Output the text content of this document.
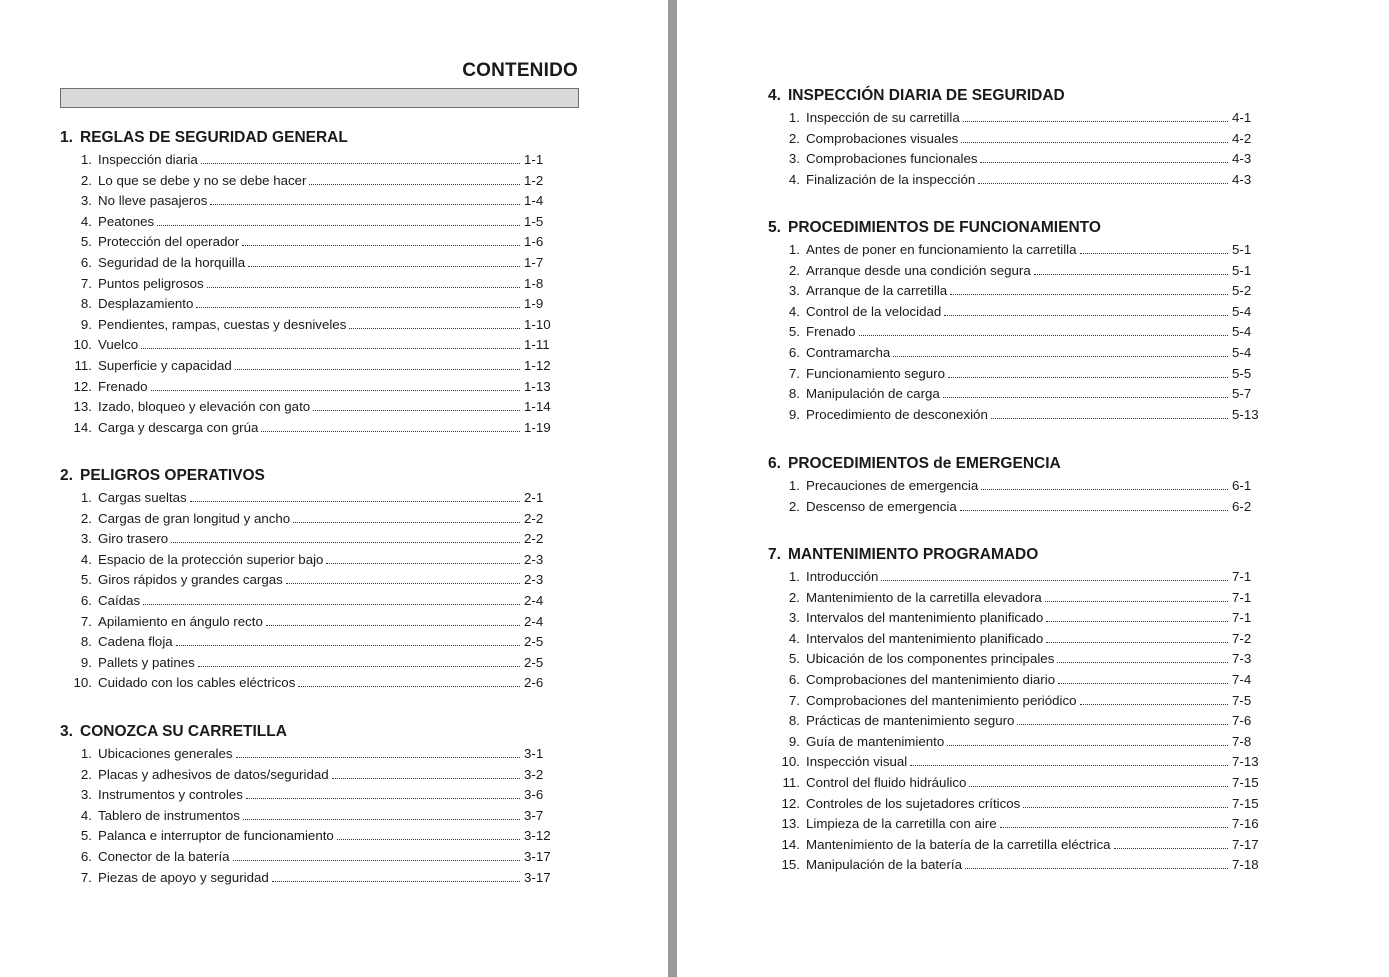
CONTENIDO
1. REGLAS DE SEGURIDAD GENERAL
1. Inspección diaria	1-1
2. Lo que se debe y no se debe hacer	1-2
3. No lleve pasajeros	1-4
4. Peatones	1-5
5. Protección del operador	1-6
6. Seguridad de la horquilla	1-7
7. Puntos peligrosos	1-8
8. Desplazamiento	1-9
9. Pendientes, rampas, cuestas y desniveles	1-10
10. Vuelco	1-11
11. Superficie y capacidad	1-12
12. Frenado	1-13
13. Izado, bloqueo y elevación con gato	1-14
14. Carga y descarga con grúa	1-19
2. PELIGROS OPERATIVOS
1. Cargas sueltas	2-1
2. Cargas de gran longitud y ancho	2-2
3. Giro trasero	2-2
4. Espacio de la protección superior bajo	2-3
5. Giros rápidos y grandes cargas	2-3
6. Caídas	2-4
7. Apilamiento en ángulo recto	2-4
8. Cadena floja	2-5
9. Pallets y patines	2-5
10. Cuidado con los cables eléctricos	2-6
3. CONOZCA SU CARRETILLA
1. Ubicaciones generales	3-1
2. Placas y adhesivos de datos/seguridad	3-2
3. Instrumentos y controles	3-6
4. Tablero de instrumentos	3-7
5. Palanca e interruptor de funcionamiento	3-12
6. Conector de la batería	3-17
7. Piezas de apoyo y seguridad	3-17
4. INSPECCIÓN DIARIA DE SEGURIDAD
1. Inspección de su carretilla	4-1
2. Comprobaciones visuales	4-2
3. Comprobaciones funcionales	4-3
4. Finalización de la inspección	4-3
5. PROCEDIMIENTOS DE FUNCIONAMIENTO
1. Antes de poner en funcionamiento la carretilla	5-1
2. Arranque desde una condición segura	5-1
3. Arranque de la carretilla	5-2
4. Control de la velocidad	5-4
5. Frenado	5-4
6. Contramarcha	5-4
7. Funcionamiento seguro	5-5
8. Manipulación de carga	5-7
9. Procedimiento de desconexión	5-13
6. PROCEDIMIENTOS de EMERGENCIA
1. Precauciones de emergencia	6-1
2. Descenso de emergencia	6-2
7. MANTENIMIENTO PROGRAMADO
1. Introducción	7-1
2. Mantenimiento de la carretilla elevadora	7-1
3. Intervalos del mantenimiento planificado	7-1
4. Intervalos del mantenimiento planificado	7-2
5. Ubicación de los componentes principales	7-3
6. Comprobaciones del mantenimiento diario	7-4
7. Comprobaciones del mantenimiento periódico	7-5
8. Prácticas de mantenimiento seguro	7-6
9. Guía de mantenimiento	7-8
10. Inspección visual	7-13
11. Control del fluido hidráulico	7-15
12. Controles de los sujetadores críticos	7-15
13. Limpieza de la carretilla con aire	7-16
14. Mantenimiento de la batería de la carretilla eléctrica	7-17
15. Manipulación de la batería	7-18
